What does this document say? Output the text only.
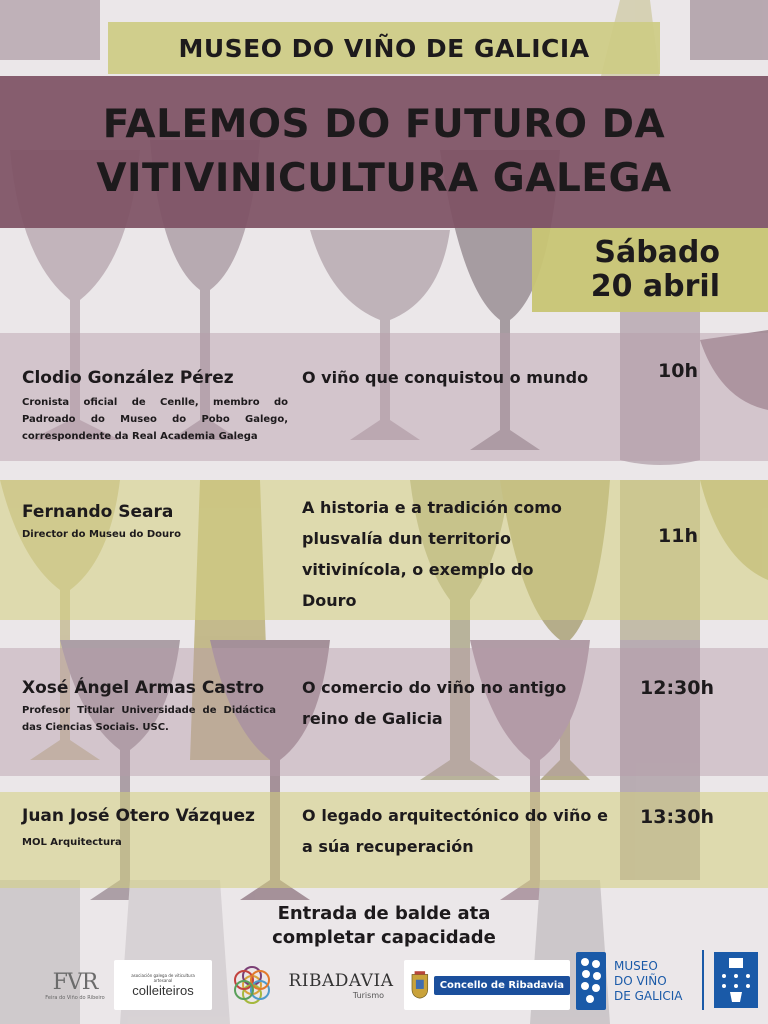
MUSEO DO VIÑO DE GALICIA
FALEMOS DO FUTURO DA
VITIVINICULTURA GALEGA
Sábado
20 abril
Clodio González Pérez
Cronista oficial de Cenlle, membro do Padroado do Museo do Pobo Galego, correspondente da Real Academia Galega
O viño que conquistou o mundo	10h
Fernando Seara
Director do Museu do Douro
A historia e a tradición como plusvalía dun territorio vitivinícola, o exemplo do Douro
11h
Xosé Ángel Armas Castro
Profesor Titular Universidade de Didáctica das Ciencias Sociais. USC.
O comercio do viño no antigo reino de Galicia
12:30h
Juan José Otero Vázquez
MOL Arquitectura
O legado arquitectónico do viño e a súa recuperación
13:30h
Entrada de balde ata
completar capacidade
FVR
Feira do Viño do Ribeiro
asociación galega de viticultura artesanal
colleiteiros	RIBADAVIA
Turismo
Concello de Ribadavia
MUSEO
DO VIÑO
DE GALICIA
